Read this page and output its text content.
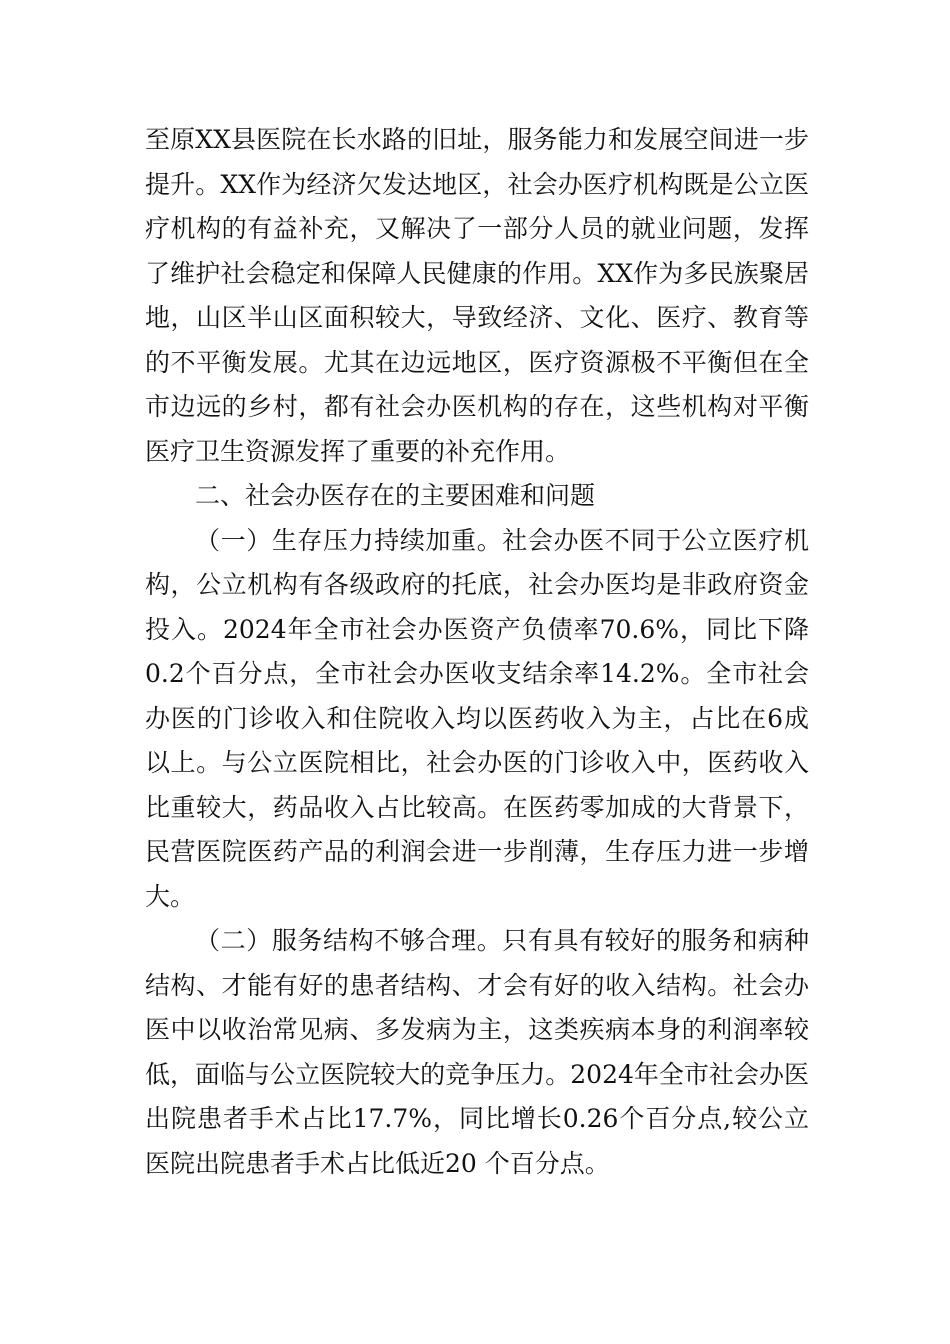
至原XX县医院在长水路的旧址，服务能力和发展空间进一步提升。XX作为经济欠发达地区，社会办医疗机构既是公立医疗机构的有益补充，又解决了一部分人员的就业问题，发挥了维护社会稳定和保障人民健康的作用。XX作为多民族聚居地，山区半山区面积较大，导致经济、文化、医疗、教育等的不平衡发展。尤其在边远地区，医疗资源极不平衡但在全市边远的乡村，都有社会办医机构的存在，这些机构对平衡医疗卫生资源发挥了重要的补充作用。

二、社会办医存在的主要困难和问题

（一）生存压力持续加重。社会办医不同于公立医疗机构，公立机构有各级政府的托底，社会办医均是非政府资金投入。2024年全市社会办医资产负债率70.6%，同比下降0.2个百分点，全市社会办医收支结余率14.2%。全市社会办医的门诊收入和住院收入均以医药收入为主，占比在6成以上。与公立医院相比，社会办医的门诊收入中，医药收入比重较大，药品收入占比较高。在医药零加成的大背景下，民营医院医药产品的利润会进一步削薄，生存压力进一步增大。

（二）服务结构不够合理。只有具有较好的服务和病种结构、才能有好的患者结构、才会有好的收入结构。社会办医中以收治常见病、多发病为主，这类疾病本身的利润率较低，面临与公立医院较大的竞争压力。2024年全市社会办医出院患者手术占比17.7%，同比增长0.26个百分点,较公立医院出院患者手术占比低近20 个百分点。
